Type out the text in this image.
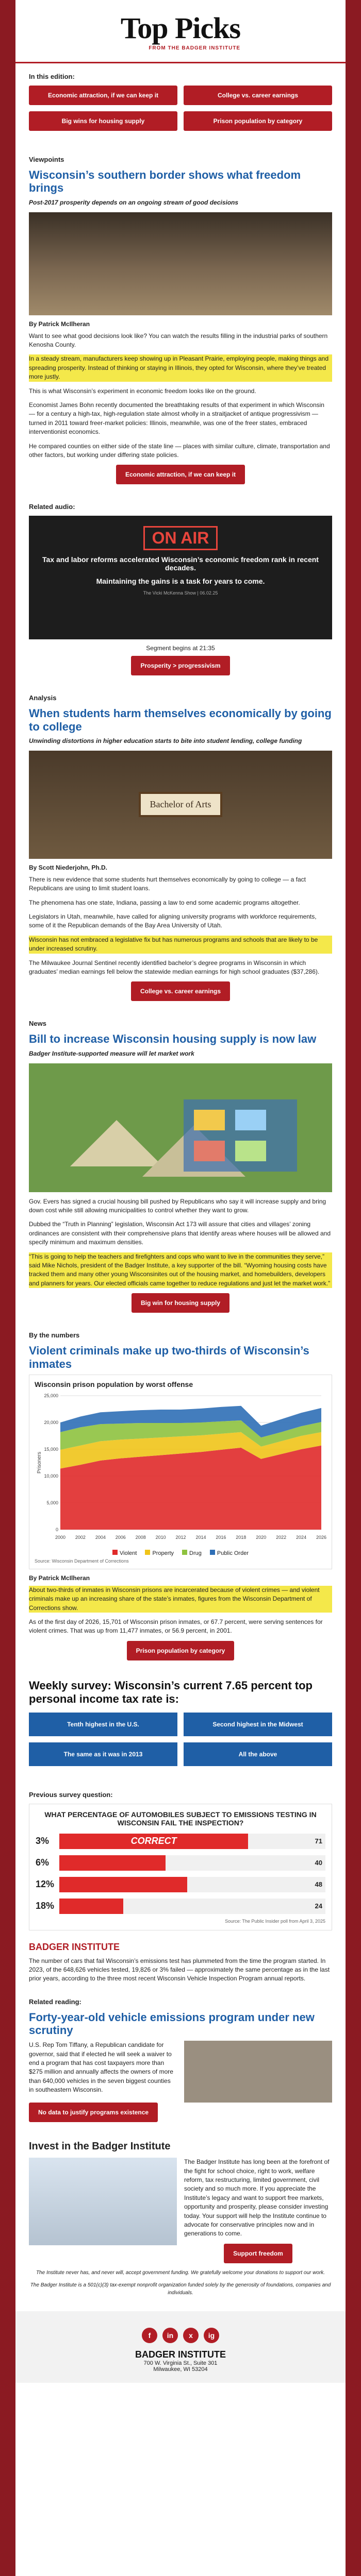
Top Picks
FROM THE BADGER INSTITUTE
In this edition:
Economic attraction, if we can keep it	College vs. career earnings
Big wins for housing supply	Prison population by category
Viewpoints
Wisconsin’s southern border shows what freedom brings
Post-2017 prosperity depends on an ongoing stream of good decisions
By Patrick McIlheran

Want to see what good decisions look like? You can watch the results filling in the industrial parks of southern Kenosha County.

In a steady stream, manufacturers keep showing up in Pleasant Prairie, employing people, making things and spreading prosperity. Instead of thinking or staying in Illinois, they opted for Wisconsin, where they’ve treated more justly.

This is what Wisconsin’s experiment in economic freedom looks like on the ground.

Economist James Bohn recently documented the breathtaking results of that experiment in which Wisconsin — for a century a high-tax, high-regulation state almost wholly in a straitjacket of antique progressivism — turned in 2011 toward freer-market policies: Illinois, meanwhile, was one of the freer states, embraced interventionist economics.

He compared counties on either side of the state line — places with similar culture, climate, transportation and other factors, but working under differing state policies.

Economic attraction, if we can keep it
Related audio:
ON AIR
Tax and labor reforms accelerated Wisconsin’s economic freedom rank in recent decades.
Maintaining the gains is a task for years to come.
The Vicki McKenna Show | 06.02.25
Segment begins at 21:35
Prosperity > progressivism
Analysis
When students harm themselves economically by going to college
Unwinding distortions in higher education starts to bite into student lending, college funding
Bachelor of Arts
By Scott Niederjohn, Ph.D.

There is new evidence that some students hurt themselves economically by going to college — a fact Republicans are using to limit student loans.

The phenomena has one state, Indiana, passing a law to end some academic programs altogether.

Legislators in Utah, meanwhile, have called for aligning university programs with workforce requirements, some of it the Republican demands of the Bay Area University of Utah.

Wisconsin has not embraced a legislative fix but has numerous programs and schools that are likely to be under increased scrutiny.

The Milwaukee Journal Sentinel recently identified bachelor’s degree programs in Wisconsin in which graduates’ median earnings fell below the statewide median earnings for high school graduates ($37,286).

College vs. career earnings
News
Bill to increase Wisconsin housing supply is now law
Badger Institute-supported measure will let market work

Gov. Evers has signed a crucial housing bill pushed by Republicans who say it will increase supply and bring down cost while still allowing municipalities to control whether they want to grow.

Dubbed the “Truth in Planning” legislation, Wisconsin Act 173 will assure that cities and villages’ zoning ordinances are consistent with their comprehensive plans that identify areas where houses will be allowed and specify minimum and maximum densities.

“This is going to help the teachers and firefighters and cops who want to live in the communities they serve,” said Mike Nichols, president of the Badger Institute, a key supporter of the bill. “Wyoming housing costs have tracked them and many other young Wisconsinites out of the housing market, and homebuilders, developers and planners for years. Our elected officials came together to reduce regulations and just let the market work.”

Big win for housing supply
By the numbers
Violent criminals make up two-thirds of Wisconsin’s inmates
Wisconsin prison population by worst offense
0
5,000
10,000
15,000
20,000
25,000
2000 2002 2004 2006 2008 2010 2012 2014 2016 2018 2020 2022 2024 2026
Prisoners
Violent	Property	Drug	Public Order
Source: Wisconsin Department of Corrections
By Patrick McIlheran

About two-thirds of inmates in Wisconsin prisons are incarcerated because of violent crimes — and violent criminals make up an increasing share of the state’s inmates, figures from the Wisconsin Department of Corrections show.

As of the first day of 2026, 15,701 of Wisconsin prison inmates, or 67.7 percent, were serving sentences for violent crimes. That was up from 11,477 inmates, or 56.9 percent, in 2001.

Prison population by category
Weekly survey: Wisconsin’s current 7.65 percent top personal income tax rate is:
Tenth highest in the U.S.	Second highest in the Midwest
The same as it was in 2013	All the above
Previous survey question:
WHAT PERCENTAGE OF AUTOMOBILES SUBJECT TO EMISSIONS TESTING IN WISCONSIN FAIL THE INSPECTION?
3%	CORRECT	71
6%	40
12%	48
18%	24
Source: The Public Insider poll from April 3, 2025
BADGER INSTITUTE

The number of cars that fail Wisconsin’s emissions test has plummeted from the time the program started. In 2023, of the 648,626 vehicles tested, 19,826 or 3% failed — approximately the same percentage as in the last prior years, according to the three most recent Wisconsin Vehicle Inspection Program annual reports.

Related reading:
Forty-year-old vehicle emissions program under new scrutiny

U.S. Rep Tom Tiffany, a Republican candidate for governor, said that if elected he will seek a waiver to end a program that has cost taxpayers more than $275 million and annually affects the owners of more than 640,000 vehicles in the seven biggest counties in southeastern Wisconsin.

No data to justify programs existence
Invest in the Badger Institute

The Badger Institute has long been at the forefront of the fight for school choice, right to work, welfare reform, tax restructuring, limited government, civil society and so much more. If you appreciate the Institute’s legacy and want to support free markets, opportunity and prosperity, please consider investing today. Your support will help the Institute continue to advocate for conservative principles now and in generations to come.

Support freedom

The Institute never has, and never will, accept government funding. We gratefully welcome your donations to support our work.

The Badger Institute is a 501(c)(3) tax-exempt nonprofit organization funded solely by the generosity of foundations, companies and individuals.

f	in	x	ig
BADGER INSTITUTE
700 W. Virginia St., Suite 301
Milwaukee, WI 53204
